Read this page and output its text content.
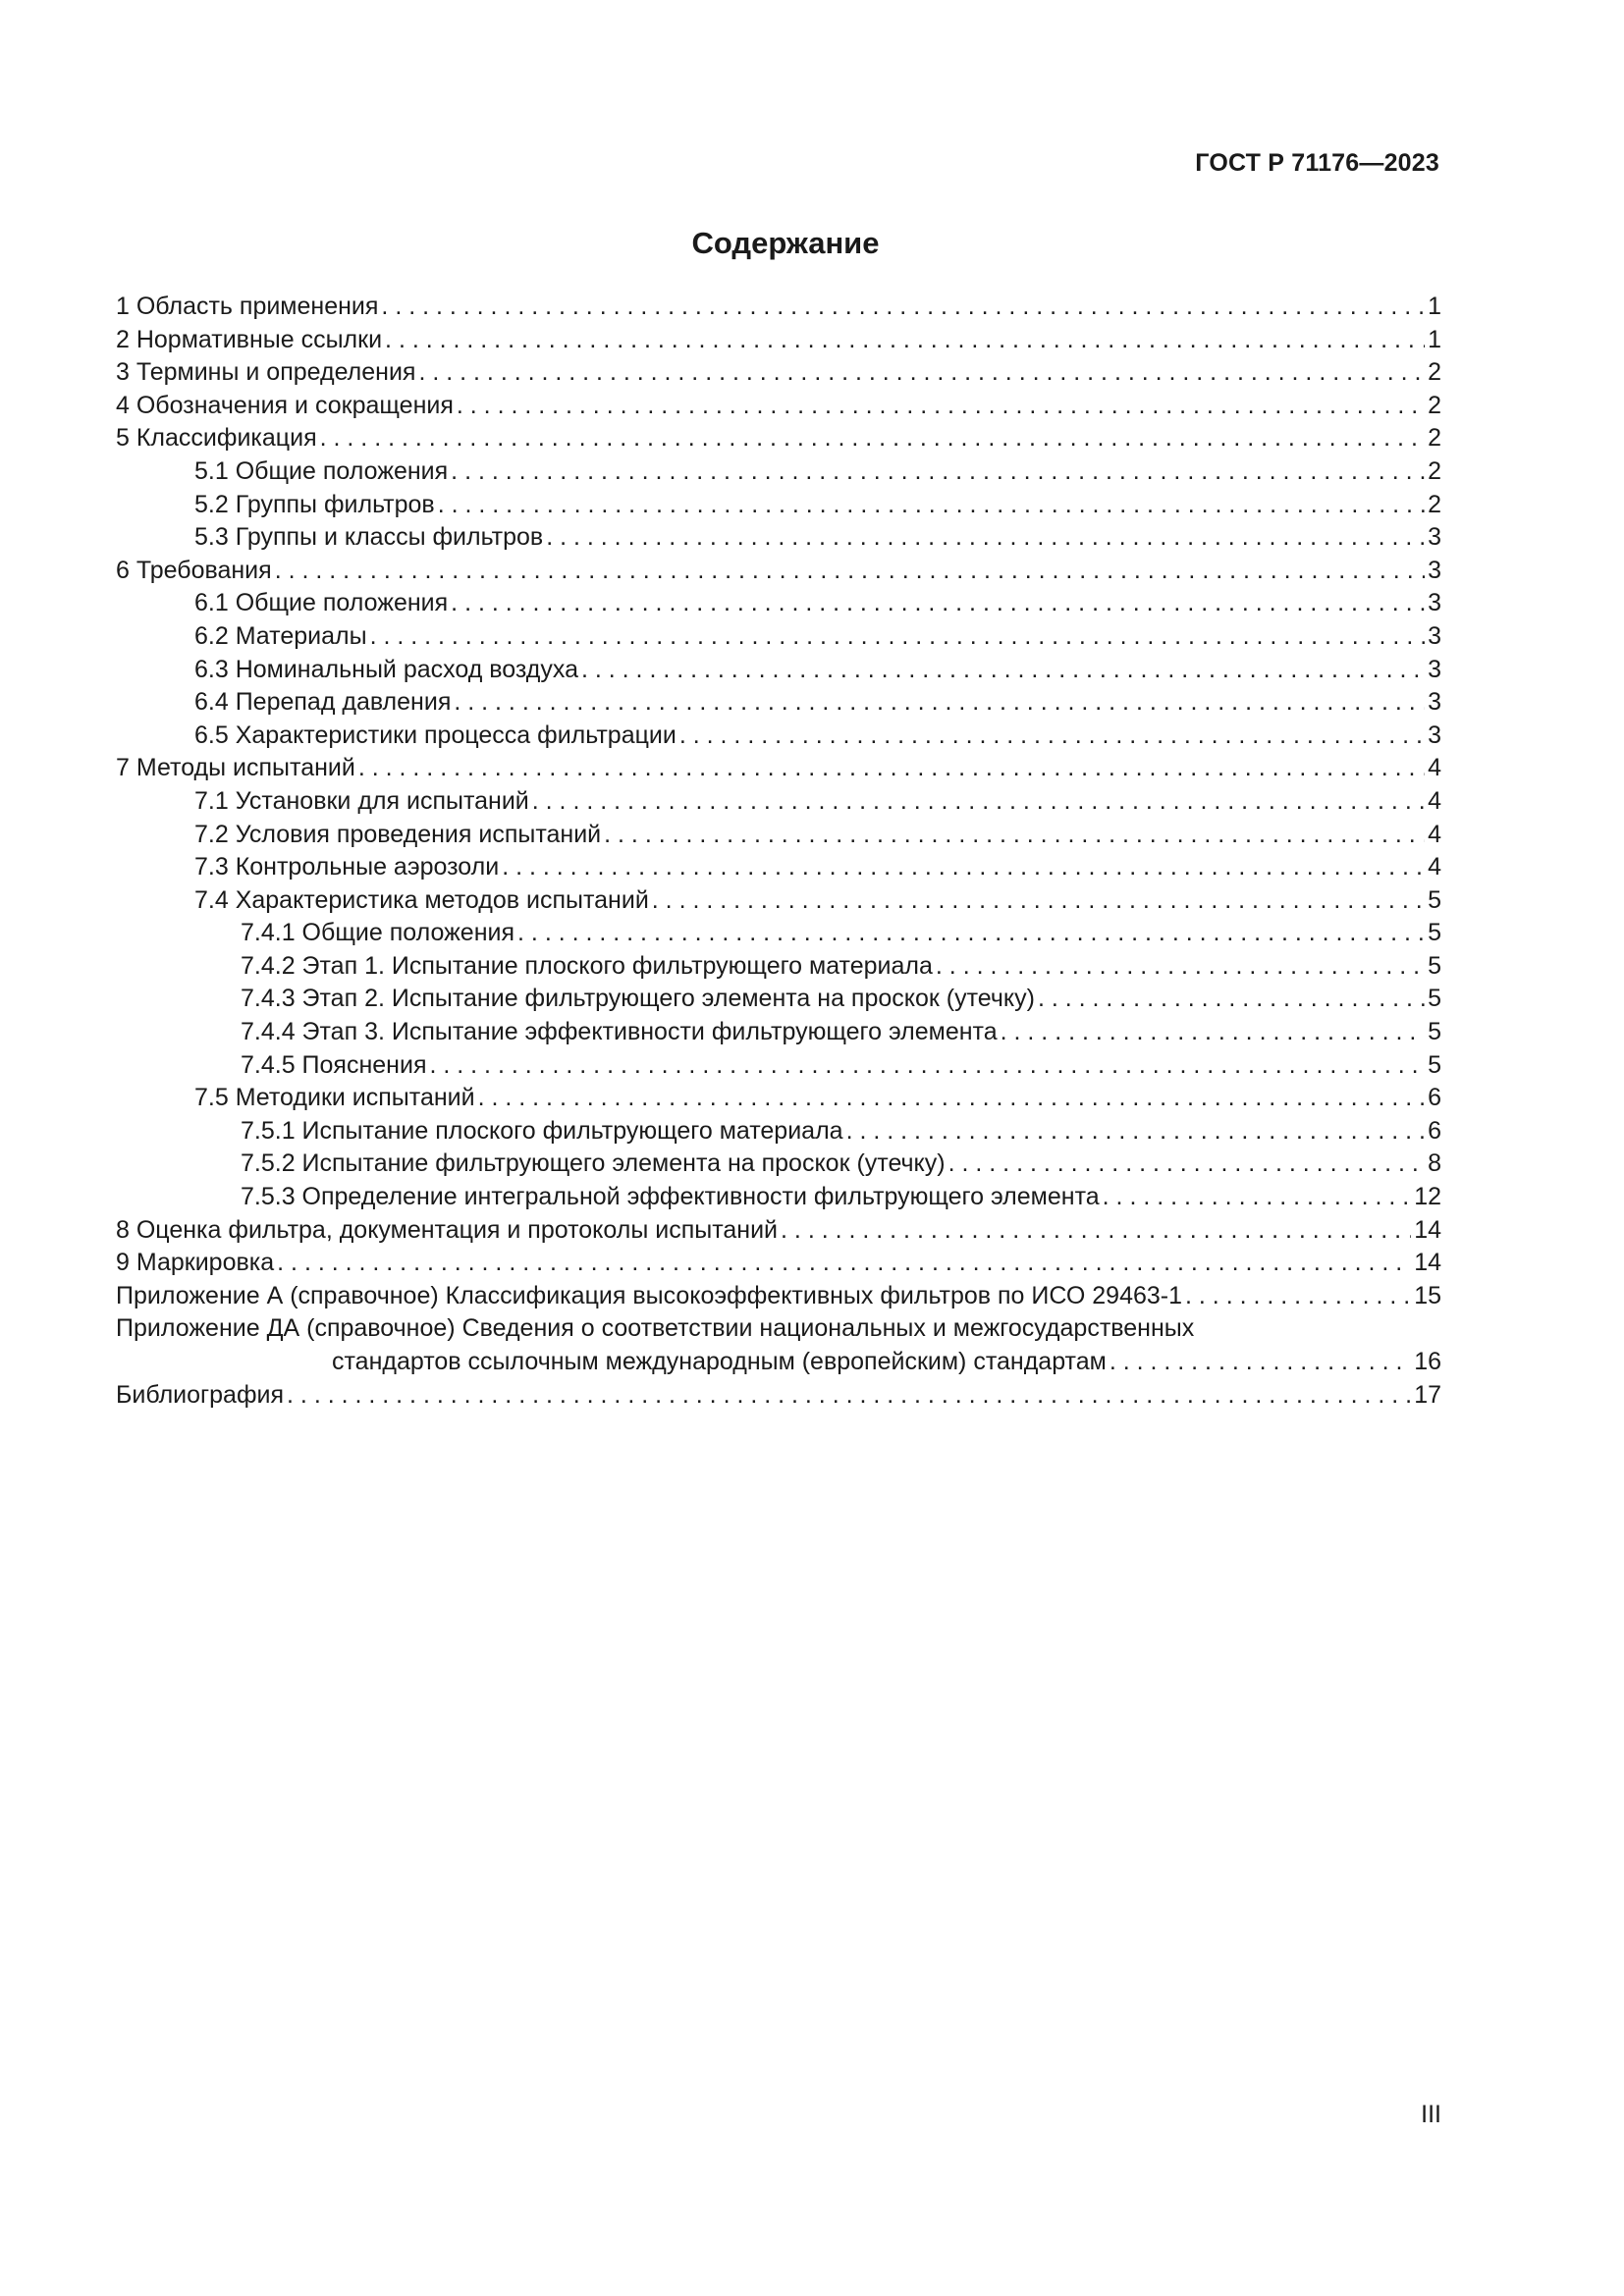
ГОСТ Р 71176—2023
Содержание
1 Область применения . . .	1
2 Нормативные ссылки . . .	1
3 Термины и определения . . .	2
4 Обозначения и сокращения . . .	2
5 Классификация . . .	2
5.1 Общие положения . . .	2
5.2 Группы фильтров . . .	2
5.3 Группы и классы фильтров . . .	3
6 Требования . . .	3
6.1 Общие положения . . .	3
6.2 Материалы . . .	3
6.3 Номинальный расход воздуха . . .	3
6.4 Перепад давления . . .	3
6.5 Характеристики процесса фильтрации . . .	3
7 Методы испытаний . . .	4
7.1 Установки для испытаний . . .	4
7.2 Условия проведения испытаний . . .	4
7.3 Контрольные аэрозоли . . .	4
7.4 Характеристика методов испытаний . . .	5
7.4.1 Общие положения . . .	5
7.4.2 Этап 1. Испытание плоского фильтрующего материала . . .	5
7.4.3 Этап 2. Испытание фильтрующего элемента на проскок (утечку) . . .	5
7.4.4 Этап 3. Испытание эффективности фильтрующего элемента . . .	5
7.4.5 Пояснения . . .	5
7.5 Методики испытаний . . .	6
7.5.1 Испытание плоского фильтрующего материала . . .	6
7.5.2 Испытание фильтрующего элемента на проскок (утечку) . . .	8
7.5.3 Определение интегральной эффективности фильтрующего элемента . . .	12
8 Оценка фильтра, документация и протоколы испытаний . . .	14
9 Маркировка . . .	14
Приложение А (справочное) Классификация высокоэффективных фильтров по ИСО 29463-1 . . .	15
Приложение ДА (справочное) Сведения о соответствии национальных и межгосударственных
стандартов ссылочным международным (европейским) стандартам . . .	16
Библиография . . .	17
III
